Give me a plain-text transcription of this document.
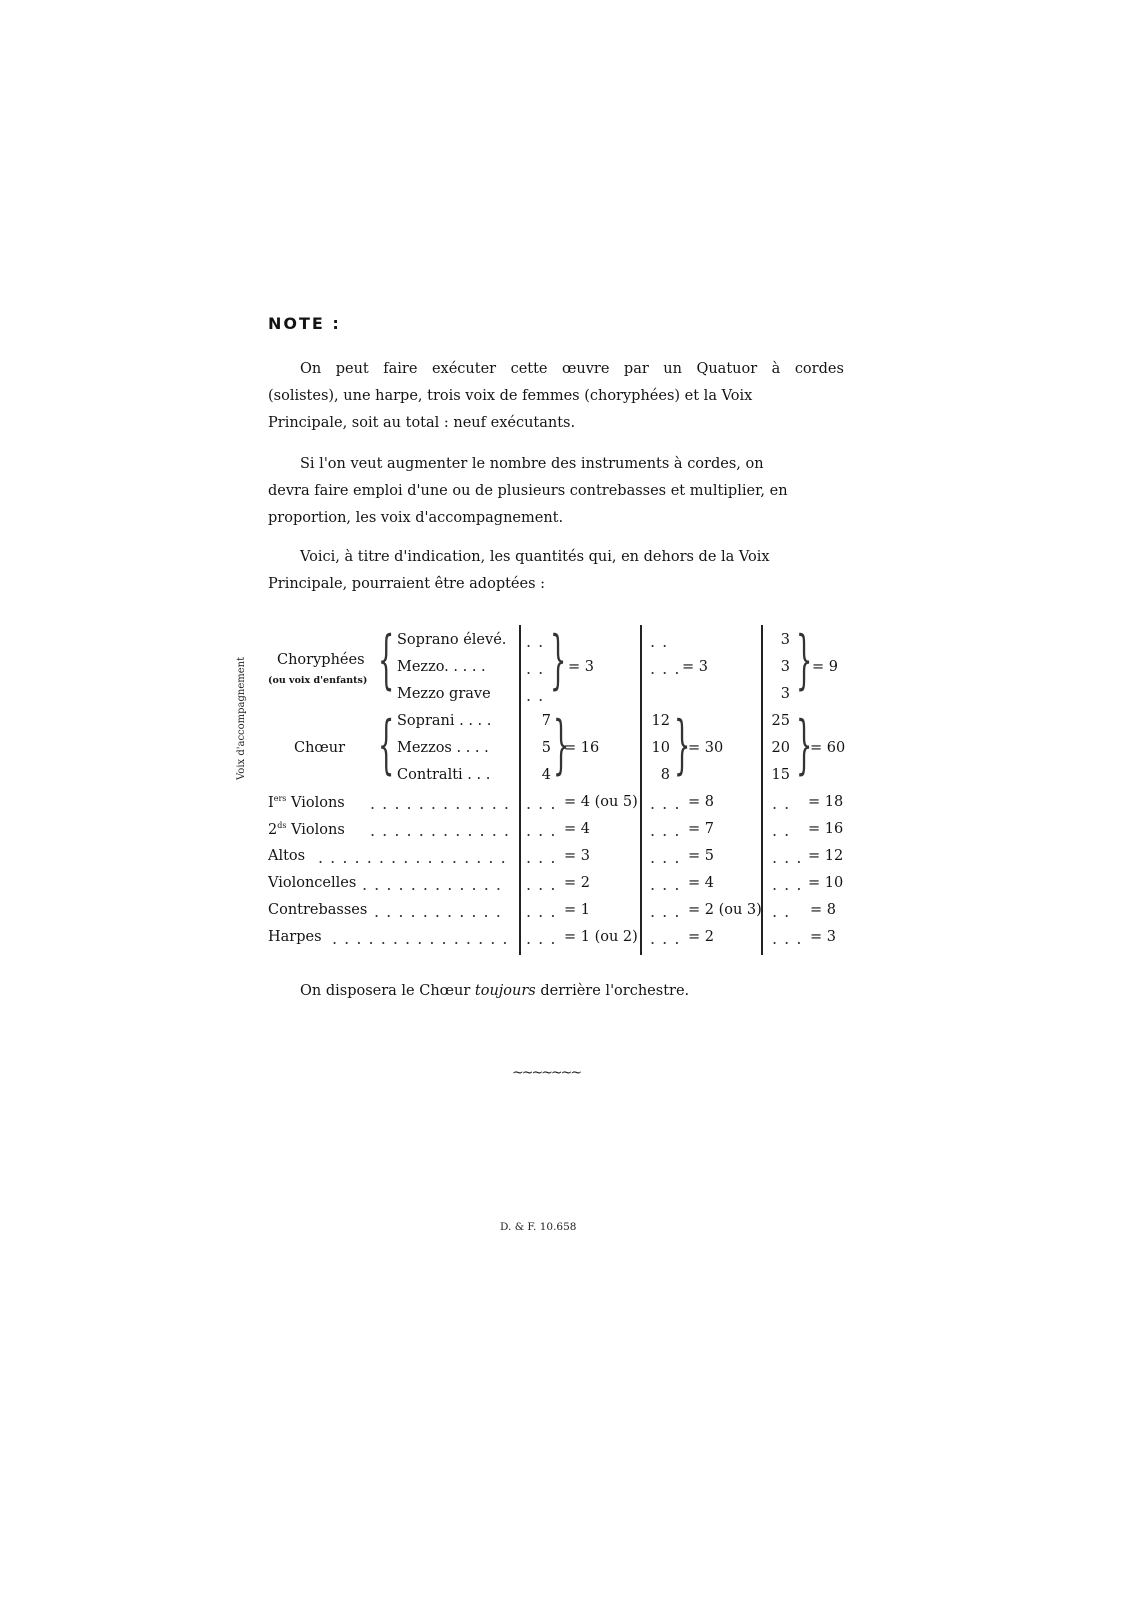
NOTE :
On peut faire exécuter cette œuvre par un Quatuor à cordes
(solistes), une harpe, trois voix de femmes (choryphées) et la Voix
Principale, soit au total : neuf exécutants.
Si l'on veut augmenter le nombre des instruments à cordes, on
devra faire emploi d'une ou de plusieurs contrebasses et multiplier, en
proportion, les voix d'accompagnement.
Voici, à titre d'indication, les quantités qui, en dehors de la Voix
Principale, pourraient être adoptées :
Voix d'accompagnement Choryphées
(ou voix d'enfants) { Soprano élevé.
Mezzo. . . . .
Mezzo grave
. .
. .
. . } = 3
. .
. . . = 3
3
3
3 } = 9
Chœur { Soprani . . . .
Mezzos . . . .
Contralti . . .
7
5
4 }
= 16
12
10
8 }
= 30
25
20
15 }
= 60
Iers Violons
$2^{ds}$ Violons
Altos
Violoncelles
Contrebasses
Harpes
. . . . . . . . . . . .
. . . . . . . . . . . .
. . . . . . . . . . . . . . . .
. . . . . . . . . . . .
. . . . . . . . . . .
. . . . . . . . . . . . . . .
. . . = 4 (ou 5)
. . . = 4
. . . = 3
. . . = 2
. . . = 1
. . . = 1 (ou 2)
. . . = 8
. . . = 7
. . . = 5
. . . = 4
. . . = 2 (ou 3)
. . . = 2
. . = 18
. . = 16
. . . = 12
. . . = 10
. . = 8
. . . = 3
On disposera le Chœur toujours derrière l'orchestre.
~~~~~~~
D. & F. 10.658
